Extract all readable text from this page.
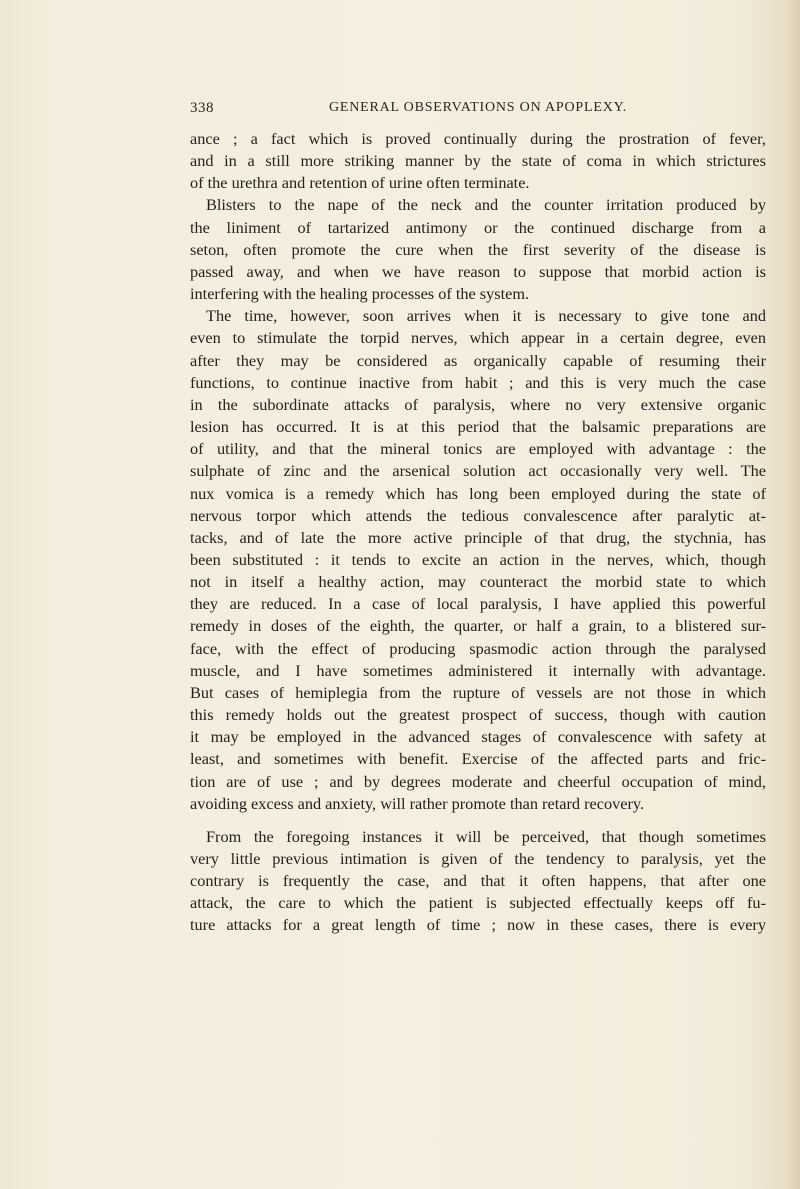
338	GENERAL OBSERVATIONS ON APOPLEXY.

ance ; a fact which is proved continually during the prostration of fever,

and in a still more striking manner by the state of coma in which strictures

of the urethra and retention of urine often terminate.

Blisters to the nape of the neck and the counter irritation produced by

the liniment of tartarized antimony or the continued discharge from a

seton, often promote the cure when the first severity of the disease is

passed away, and when we have reason to suppose that morbid action is

interfering with the healing processes of the system.

The time, however, soon arrives when it is necessary to give tone and

even to stimulate the torpid nerves, which appear in a certain degree, even

after they may be considered as organically capable of resuming their

functions, to continue inactive from habit ; and this is very much the case

in the subordinate attacks of paralysis, where no very extensive organic

lesion has occurred. It is at this period that the balsamic preparations are

of utility, and that the mineral tonics are employed with advantage : the

sulphate of zinc and the arsenical solution act occasionally very well. The

nux vomica is a remedy which has long been employed during the state of

nervous torpor which attends the tedious convalescence after paralytic at-

tacks, and of late the more active principle of that drug, the stychnia, has

been substituted : it tends to excite an action in the nerves, which, though

not in itself a healthy action, may counteract the morbid state to which

they are reduced. In a case of local paralysis, I have applied this powerful

remedy in doses of the eighth, the quarter, or half a grain, to a blistered sur-

face, with the effect of producing spasmodic action through the paralysed

muscle, and I have sometimes administered it internally with advantage.

But cases of hemiplegia from the rupture of vessels are not those in which

this remedy holds out the greatest prospect of success, though with caution

it may be employed in the advanced stages of convalescence with safety at

least, and sometimes with benefit. Exercise of the affected parts and fric-

tion are of use ; and by degrees moderate and cheerful occupation of mind,

avoiding excess and anxiety, will rather promote than retard recovery.

From the foregoing instances it will be perceived, that though sometimes

very little previous intimation is given of the tendency to paralysis, yet the

contrary is frequently the case, and that it often happens, that after one

attack, the care to which the patient is subjected effectually keeps off fu-

ture attacks for a great length of time ; now in these cases, there is every
